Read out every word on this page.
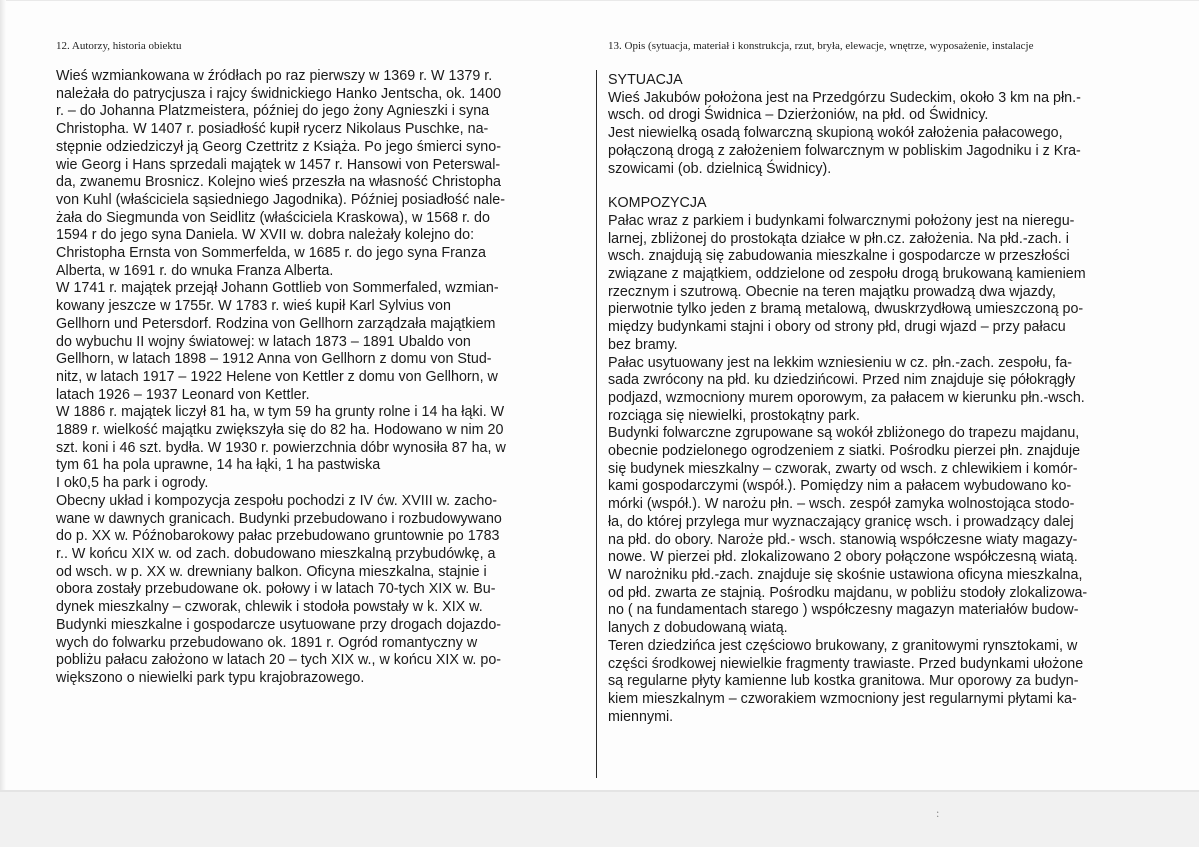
12. Autorzy, historia obiektu	13. Opis (sytuacja, materiał i konstrukcja, rzut, bryła, elewacje, wnętrze, wyposażenie, instalacje
Wieś wzmiankowana w źródłach po raz pierwszy w 1369 r. W 1379 r.
należała do patrycjusza i rajcy świdnickiego Hanko Jentscha, ok. 1400
r. – do Johanna Platzmeistera, później do jego żony Agnieszki i syna
Christopha. W 1407 r. posiadłość kupił rycerz Nikolaus Puschke, na-
stępnie odziedziczył ją Georg Czettritz z Książa. Po jego śmierci syno-
wie Georg i Hans sprzedali majątek w 1457 r. Hansowi von Peterswal-
da, zwanemu Brosnicz. Kolejno wieś przeszła na własność Christopha
von Kuhl (właściciela sąsiedniego Jagodnika). Później posiadłość nale-
żała do Siegmunda von Seidlitz (właściciela Kraskowa), w 1568 r. do
1594 r do jego syna Daniela. W XVII w. dobra należały kolejno do:
Christopha Ernsta von Sommerfelda, w 1685 r. do jego syna Franza
Alberta, w 1691 r. do wnuka Franza Alberta.
W 1741 r. majątek przejął Johann Gottlieb von Sommerfaled, wzmian-
kowany jeszcze w 1755r. W 1783 r. wieś kupił Karl Sylvius von
Gellhorn und Petersdorf. Rodzina von Gellhorn zarządzała majątkiem
do wybuchu II wojny światowej: w latach 1873 – 1891 Ubaldo von
Gellhorn, w latach 1898 – 1912 Anna von Gellhorn z domu von Stud-
nitz, w latach 1917 – 1922 Helene von Kettler z domu von Gellhorn, w
latach 1926 – 1937 Leonard von Kettler.
W 1886 r. majątek liczył 81 ha, w tym 59 ha grunty rolne i 14 ha łąki. W
1889 r. wielkość majątku zwiększyła się do 82 ha. Hodowano w nim 20
szt. koni i 46 szt. bydła. W 1930 r. powierzchnia dóbr wynosiła 87 ha, w
tym 61 ha pola uprawne, 14 ha łąki, 1 ha pastwiska
I ok0,5 ha park i ogrody.
Obecny układ i kompozycja zespołu pochodzi z IV ćw. XVIII w. zacho-
wane w dawnych granicach. Budynki przebudowano i rozbudowywano
do p. XX w. Późnobarokowy pałac przebudowano gruntownie po 1783
r.. W końcu XIX w. od zach. dobudowano mieszkalną przybudówkę, a
od wsch. w p. XX w. drewniany balkon. Oficyna mieszkalna, stajnie i
obora zostały przebudowane ok. połowy i w latach 70-tych XIX w. Bu-
dynek mieszkalny – czworak, chlewik i stodoła powstały w k. XIX w.
Budynki mieszkalne i gospodarcze usytuowane przy drogach dojazdo-
wych do folwarku przebudowano ok. 1891 r. Ogród romantyczny w
pobliżu pałacu założono w latach 20 – tych XIX w., w końcu XIX w. po-
większono o niewielki park typu krajobrazowego.
SYTUACJA
Wieś Jakubów położona jest na Przedgórzu Sudeckim, około 3 km na płn.-
wsch. od drogi Świdnica – Dzierżoniów, na płd. od Świdnicy.
Jest niewielką osadą folwarczną skupioną wokół założenia pałacowego,
połączoną drogą z założeniem folwarcznym w pobliskim Jagodniku i z Kra-
szowicami (ob. dzielnicą Świdnicy).
KOMPOZYCJA
Pałac wraz z parkiem i budynkami folwarcznymi położony jest na nieregu-
larnej, zbliżonej do prostokąta działce w płn.cz. założenia. Na płd.-zach. i
wsch. znajdują się zabudowania mieszkalne i gospodarcze w przeszłości
związane z majątkiem, oddzielone od zespołu drogą brukowaną kamieniem
rzecznym i szutrową. Obecnie na teren majątku prowadzą dwa wjazdy,
pierwotnie tylko jeden z bramą metalową, dwuskrzydłową umieszczoną po-
między budynkami stajni i obory od strony płd, drugi wjazd – przy pałacu
bez bramy.
Pałac usytuowany jest na lekkim wzniesieniu w cz. płn.-zach. zespołu, fa-
sada zwrócony na płd. ku dziedzińcowi. Przed nim znajduje się półokrągły
podjazd, wzmocniony murem oporowym, za pałacem w kierunku płn.-wsch.
rozciąga się niewielki, prostokątny park.
Budynki folwarczne zgrupowane są wokół zbliżonego do trapezu majdanu,
obecnie podzielonego ogrodzeniem z siatki. Pośrodku pierzei płn. znajduje
się budynek mieszkalny – czworak, zwarty od wsch. z chlewikiem i komór-
kami gospodarczymi (współ.). Pomiędzy nim a pałacem wybudowano ko-
mórki (współ.). W narożu płn. – wsch. zespół zamyka wolnostojąca stodo-
ła, do której przylega mur wyznaczający granicę wsch. i prowadzący dalej
na płd. do obory. Naroże płd.- wsch. stanowią współczesne wiaty magazy-
nowe. W pierzei płd. zlokalizowano 2 obory połączone współczesną wiatą.
W narożniku płd.-zach. znajduje się skośnie ustawiona oficyna mieszkalna,
od płd. zwarta ze stajnią. Pośrodku majdanu, w pobliżu stodoły zlokalizowa-
no ( na fundamentach starego ) współczesny magazyn materiałów budow-
lanych z dobudowaną wiatą.
Teren dziedzińca jest częściowo brukowany, z granitowymi rynsztokami, w
części środkowej niewielkie fragmenty trawiaste. Przed budynkami ułożone
są regularne płyty kamienne lub kostka granitowa. Mur oporowy za budyn-
kiem mieszkalnym – czworakiem wzmocniony jest regularnymi płytami ka-
miennymi.
:
